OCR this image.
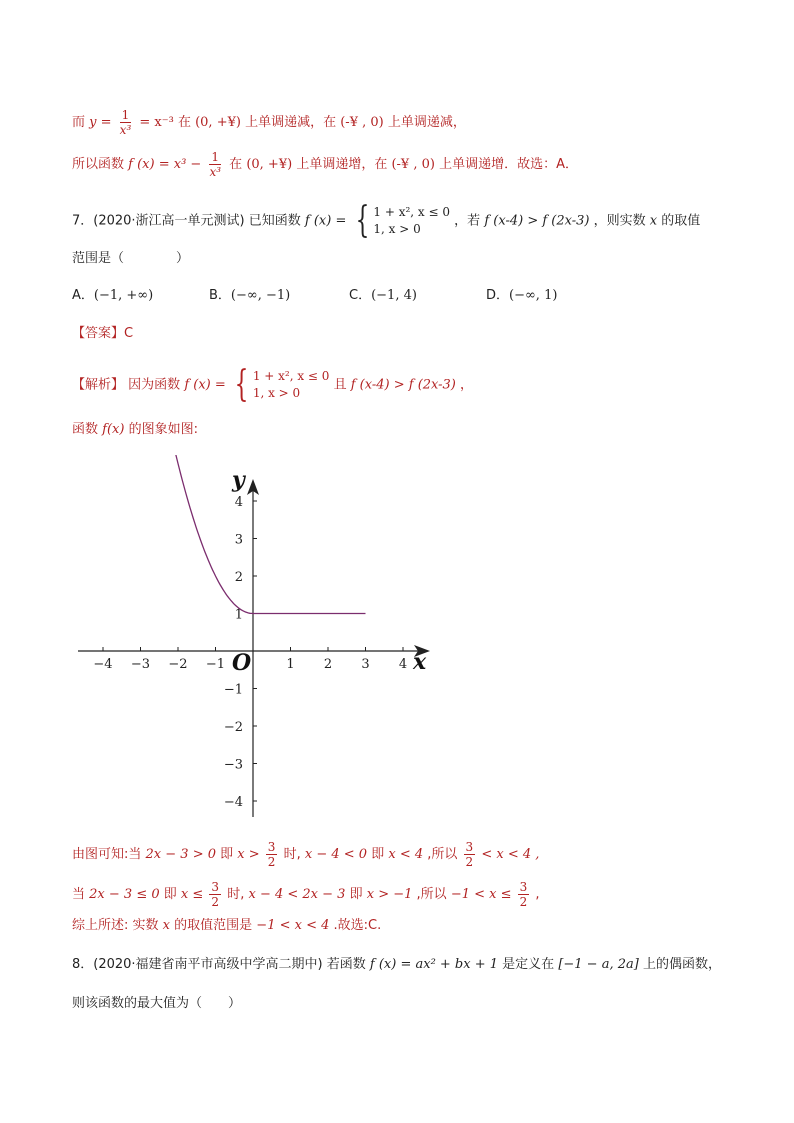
而 $y = \frac{1}{\text{x³}} = x^{-3}$ 在 (0, +¥) 上单调递减，在 (-¥ , 0) 上单调递减，
所以函数 f $(x) = x^3 - \frac{1}{\text{x³}}$ 在 (0, +¥) 上单调递增，在 (-¥ , 0) 上单调递增．故选：A．
7．(2020·浙江高一单元测试) 已知函数 f (x) = { 1 + x², x ≤ 0
1, x > 0
，若 f (x-4) > f (2x-3) ，则实数 x 的取值
范围是（　　　　）
A．(−1, +∞)	B．(−∞, −1)	C．(−1, 4)	D．(−∞, 1)
【答案】C
【解析】 因为函数 f (x) = { 1 + x², x ≤ 0
1, x > 0
且 f (x-4) > f (2x-3) ，
函数 f(x) 的图象如图:
−4 −3 −2 −1	1 2 3 4
4
3
2
1
−1
−2
−3
−4
x
y
O
由图可知:当 2x − 3 > 0 即 $x > \frac{3}{2}$ 时, x − 4 < 0 即 x < 4 ,所以 $\frac{3}{2} < x < 4$ ,
当 2x − 3 ≤ 0 即 $x \le \frac{3}{2}$ 时, x − 4 < 2x − 3 即 x > −1 ,所以 $-1 < x \le \frac{3}{2}$ ,
综上所述: 实数 x 的取值范围是 −1 < x < 4 .故选:C.
8．(2020·福建省南平市高级中学高二期中) 若函数 f (x) = ax² + bx + 1 是定义在 [−1 − a, 2a] 上的偶函数，
则该函数的最大值为（　　）
